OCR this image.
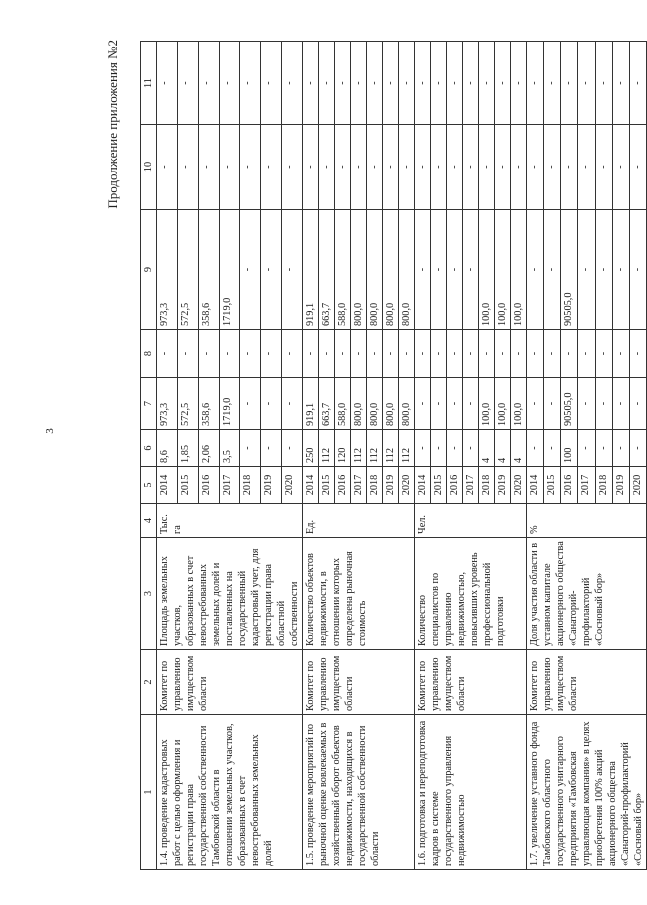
3
Продолжение приложения №2
1	2	3	4	5	6	7	8	9	10	11
1.4. проведение кадастровых работ с целью оформления и регистрации права государственной собственности Тамбовской области в отношении земельных участков, образованных в счет невостребованных земельных долей	Комитет по управлению имуществом области	Площадь земельных участков, образованных в счет невостребованных земельных долей и поставленных на государственный кадастровый учет, для регистрации права областной собственности	Тыс. га	2014	8,6	973,3	-	973,3	-	-
				2015	1,85	572,5	-	572,5	-	-
				2016	2,06	358,6	-	358,6	-	-
				2017	3,5	1719,0	-	1719,0	-	-
				2018	-	-	-	-	-	-
				2019	-	-	-	-	-	-
				2020	-	-	-	-	-	-
1.5. проведение мероприятий по рыночной оценке вовлекаемых в хозяйственный оборот объектов недвижимости, находящихся в государственной собственности области	Комитет по управлению имуществом области	Количество объектов недвижимости, в отношении которых определена рыночная стоимость	Ед.	2014	250	919,1	-	919,1	-	-
				2015	112	663,7	-	663,7	-	-
				2016	120	588,0	-	588,0	-	-
				2017	112	800,0	-	800,0	-	-
				2018	112	800,0	-	800,0	-	-
				2019	112	800,0	-	800,0	-	-
				2020	112	800,0	-	800,0	-	-
1.6. подготовка и переподготовка кадров в системе государственного управления недвижимостью	Комитет по управлению имуществом области	Количество специалистов по управлению недвижимостью, повысивших уровень профессиональной подготовки	Чел.	2014	-	-	-	-	-	-
				2015	-	-	-	-	-	-
				2016	-	-	-	-	-	-
				2017	-	-	-	-	-	-
				2018	4	100,0	-	100,0	-	-
				2019	4	100,0	-	100,0	-	-
				2020	4	100,0	-	100,0	-	-
1.7. увеличение уставного фонда Тамбовского областного государственного унитарного предприятия «Тамбовская управляющая компания» в целях приобретения 100% акций акционерного общества «Санаторий-профилакторий «Сосновый бор»	Комитет по управлению имуществом области	Доля участия области в уставном капитале акционерного общества «Санаторий-профилакторий «Сосновый бор»	%	2014	-	-	-	-	-	-
				2015	-	-	-	-	-	-
				2016	100	90505,0	-	90505,0	-	-
				2017	-	-	-	-	-	-
				2018	-	-	-	-	-	-
				2019	-	-	-	-	-	-
				2020	-	-	-	-	-	-
